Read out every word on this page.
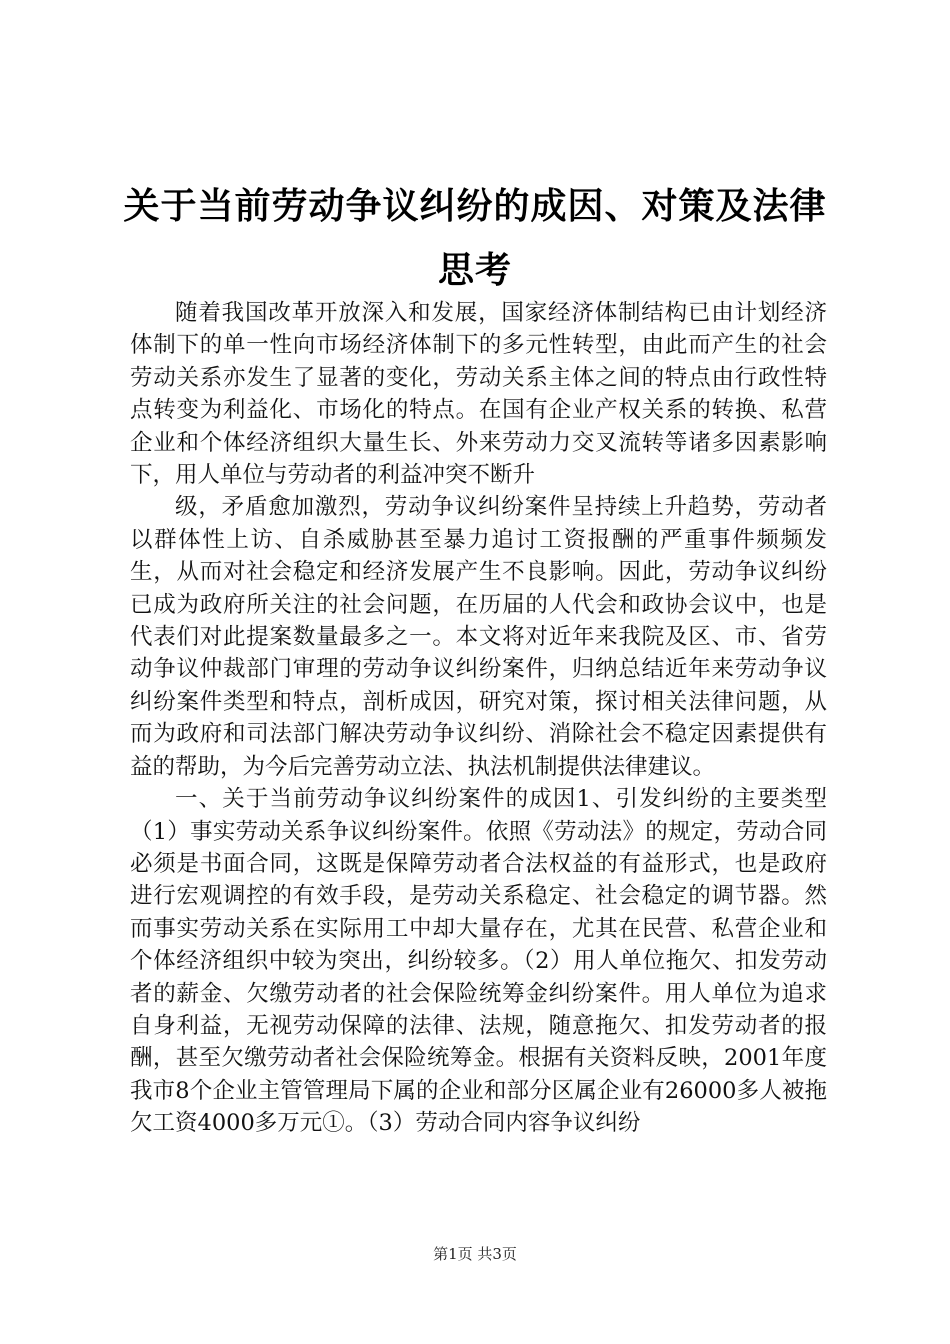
关于当前劳动争议纠纷的成因、对策及法律思考

随着我国改革开放深入和发展，国家经济体制结构已由计划经济体制下的单一性向市场经济体制下的多元性转型，由此而产生的社会劳动关系亦发生了显著的变化，劳动关系主体之间的特点由行政性特点转变为利益化、市场化的特点。在国有企业产权关系的转换、私营企业和个体经济组织大量生长、外来劳动力交叉流转等诸多因素影响下，用人单位与劳动者的利益冲突不断升

级，矛盾愈加激烈，劳动争议纠纷案件呈持续上升趋势，劳动者以群体性上访、自杀威胁甚至暴力追讨工资报酬的严重事件频频发生，从而对社会稳定和经济发展产生不良影响。因此，劳动争议纠纷已成为政府所关注的社会问题，在历届的人代会和政协会议中，也是代表们对此提案数量最多之一。本文将对近年来我院及区、市、省劳动争议仲裁部门审理的劳动争议纠纷案件，归纳总结近年来劳动争议纠纷案件类型和特点，剖析成因，研究对策，探讨相关法律问题，从而为政府和司法部门解决劳动争议纠纷、消除社会不稳定因素提供有益的帮助，为今后完善劳动立法、执法机制提供法律建议。

一、关于当前劳动争议纠纷案件的成因1、引发纠纷的主要类型（1）事实劳动关系争议纠纷案件。依照《劳动法》的规定，劳动合同必须是书面合同，这既是保障劳动者合法权益的有益形式，也是政府进行宏观调控的有效手段，是劳动关系稳定、社会稳定的调节器。然而事实劳动关系在实际用工中却大量存在，尤其在民营、私营企业和个体经济组织中较为突出，纠纷较多。（2）用人单位拖欠、扣发劳动者的薪金、欠缴劳动者的社会保险统筹金纠纷案件。用人单位为追求自身利益，无视劳动保障的法律、法规，随意拖欠、扣发劳动者的报酬，甚至欠缴劳动者社会保险统筹金。根据有关资料反映，2001年度我市8个企业主管管理局下属的企业和部分区属企业有26000多人被拖欠工资4000多万元①。（3）劳动合同内容争议纠纷

第1页 共3页
